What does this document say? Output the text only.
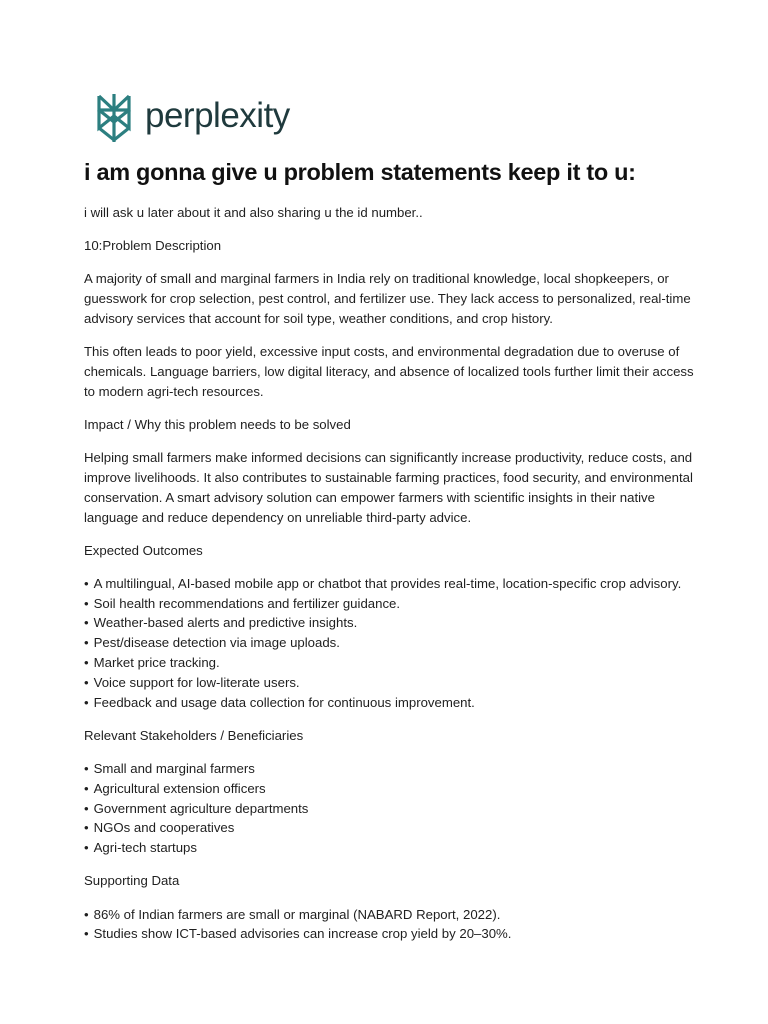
perplexity
i am gonna give u problem statements keep it to u:

i will ask u later about it and also sharing u the id number..

10:Problem Description

A majority of small and marginal farmers in India rely on traditional knowledge, local shopkeepers, or guesswork for crop selection, pest control, and fertilizer use. They lack access to personalized, real-time advisory services that account for soil type, weather conditions, and crop history.

This often leads to poor yield, excessive input costs, and environmental degradation due to overuse of chemicals. Language barriers, low digital literacy, and absence of localized tools further limit their access to modern agri-tech resources.

Impact / Why this problem needs to be solved

Helping small farmers make informed decisions can significantly increase productivity, reduce costs, and improve livelihoods. It also contributes to sustainable farming practices, food security, and environmental conservation. A smart advisory solution can empower farmers with scientific insights in their native language and reduce dependency on unreliable third-party advice.

Expected Outcomes

• A multilingual, AI-based mobile app or chatbot that provides real-time, location-specific crop advisory.
• Soil health recommendations and fertilizer guidance.
• Weather-based alerts and predictive insights.
• Pest/disease detection via image uploads.
• Market price tracking.
• Voice support for low-literate users.
• Feedback and usage data collection for continuous improvement.

Relevant Stakeholders / Beneficiaries

• Small and marginal farmers
• Agricultural extension officers
• Government agriculture departments
• NGOs and cooperatives
• Agri-tech startups

Supporting Data

• 86% of Indian farmers are small or marginal (NABARD Report, 2022).
• Studies show ICT-based advisories can increase crop yield by 20–30%.
